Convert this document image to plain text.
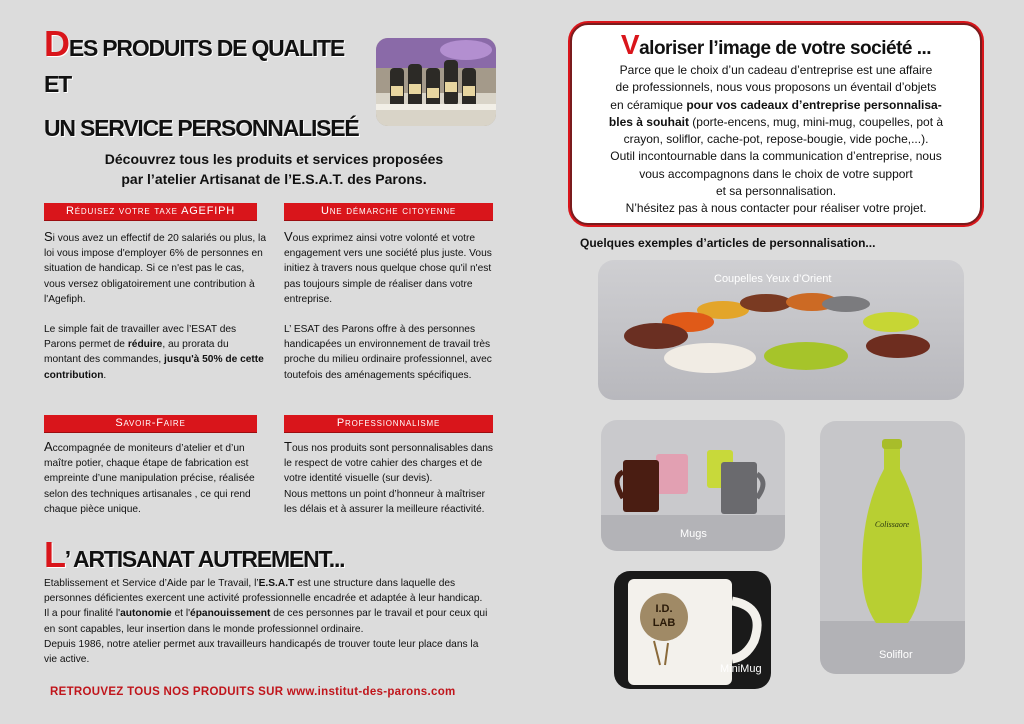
DES PRODUITS DE QUALITE ET
UN SERVICE PERSONNALISEÉ
Découvrez tous les produits et services proposées
par l’atelier Artisanat de l’E.S.A.T. des Parons.
Réduisez votre taxe AGEFIPH

Si vous avez un effectif de 20 salariés ou plus, la loi vous impose d'employer 6% de personnes en situation de handicap. Si ce n'est pas le cas, vous versez obligatoirement une contribution à l'Agefiph.

Le simple fait de travailler avec l’ESAT des Parons permet de réduire, au prorata du montant des commandes, jusqu'à 50% de cette contribution.

Une démarche citoyenne

Vous exprimez ainsi votre volonté et votre engagement vers une société plus juste. Vous initiez à travers nous quelque chose qu'il n'est pas toujours simple de réaliser dans votre entreprise.

L’ ESAT des Parons offre à des personnes handicapées un environnement de travail très proche du milieu ordinaire professionnel, avec toutefois des aménagements spécifiques.

Savoir-Faire

Accompagnée de moniteurs d’atelier et d’un maître potier, chaque étape de fabrication est empreinte d’une manipulation précise, réalisée selon des techniques artisanales , ce qui rend chaque pièce unique.

Professionnalisme

Tous nos produits sont personnalisables dans le respect de votre cahier des charges et de votre identité visuelle (sur devis).

Nous mettons un point d’honneur à maîtriser les délais et à assurer la meilleure réactivité.

L’ ARTISANAT AUTREMENT...

Etablissement et Service d’Aide par le Travail, l’E.S.A.T est une structure dans laquelle des personnes déficientes exercent une activité professionnelle encadrée et adaptée à leur handicap.

Il a pour finalité l'autonomie et l'épanouissement de ces personnes par le travail et pour ceux qui en sont capables, leur insertion dans le monde professionnel ordinaire.

Depuis 1986, notre atelier permet aux travailleurs handicapés de trouver toute leur place dans la vie active.

RETROUVEZ TOUS NOS PRODUITS SUR www.institut-des-parons.com
Valoriser l’image de votre société ...
Parce que le choix d’un cadeau d’entreprise est une affaire
de professionnels, nous vous proposons un éventail d’objets
en céramique pour vos cadeaux d’entreprise personnalisa-
bles à souhait (porte-encens, mug, mini-mug, coupelles, pot à
crayon, soliflor, cache-pot, repose-bougie, vide poche,...).
Outil incontournable dans la communication d’entreprise, nous
vous accompagnons dans le choix de votre support
et sa personnalisation.
N’hésitez pas à nous contacter pour réaliser votre projet.
Quelques exemples d’articles de personnalisation...
Coupelles Yeux d’Orient
Mugs
Colissaore
Soliflor
I.D.
LAB
MiniMug
